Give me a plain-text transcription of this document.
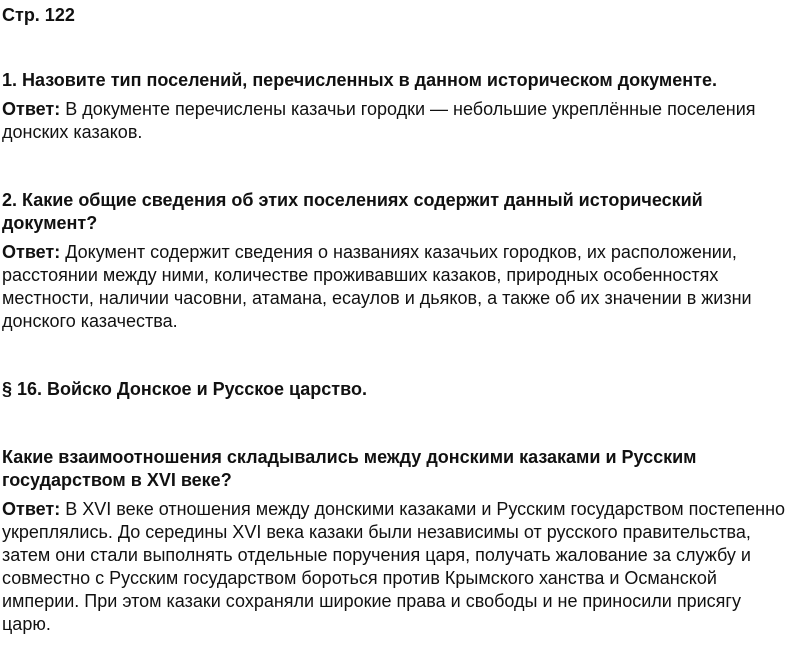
Стр. 122

1. Назовите тип поселений, перечисленных в данном историческом документе.

Ответ: В документе перечислены казачьи городки — небольшие укреплённые поселения донских казаков.

2. Какие общие сведения об этих поселениях содержит данный исторический документ?

Ответ: Документ содержит сведения о названиях казачьих городков, их расположении, расстоянии между ними, количестве проживавших казаков, природных особенностях местности, наличии часовни, атамана, есаулов и дьяков, а также об их значении в жизни донского казачества.

§ 16. Войско Донское и Русское царство.

Какие взаимоотношения складывались между донскими казаками и Русским государством в XVI веке?

Ответ: В XVI веке отношения между донскими казаками и Русским государством постепенно укреплялись. До середины XVI века казаки были независимы от русского правительства, затем они стали выполнять отдельные поручения царя, получать жалование за службу и совместно с Русским государством бороться против Крымского ханства и Османской империи. При этом казаки сохраняли широкие права и свободы и не приносили присягу царю.
